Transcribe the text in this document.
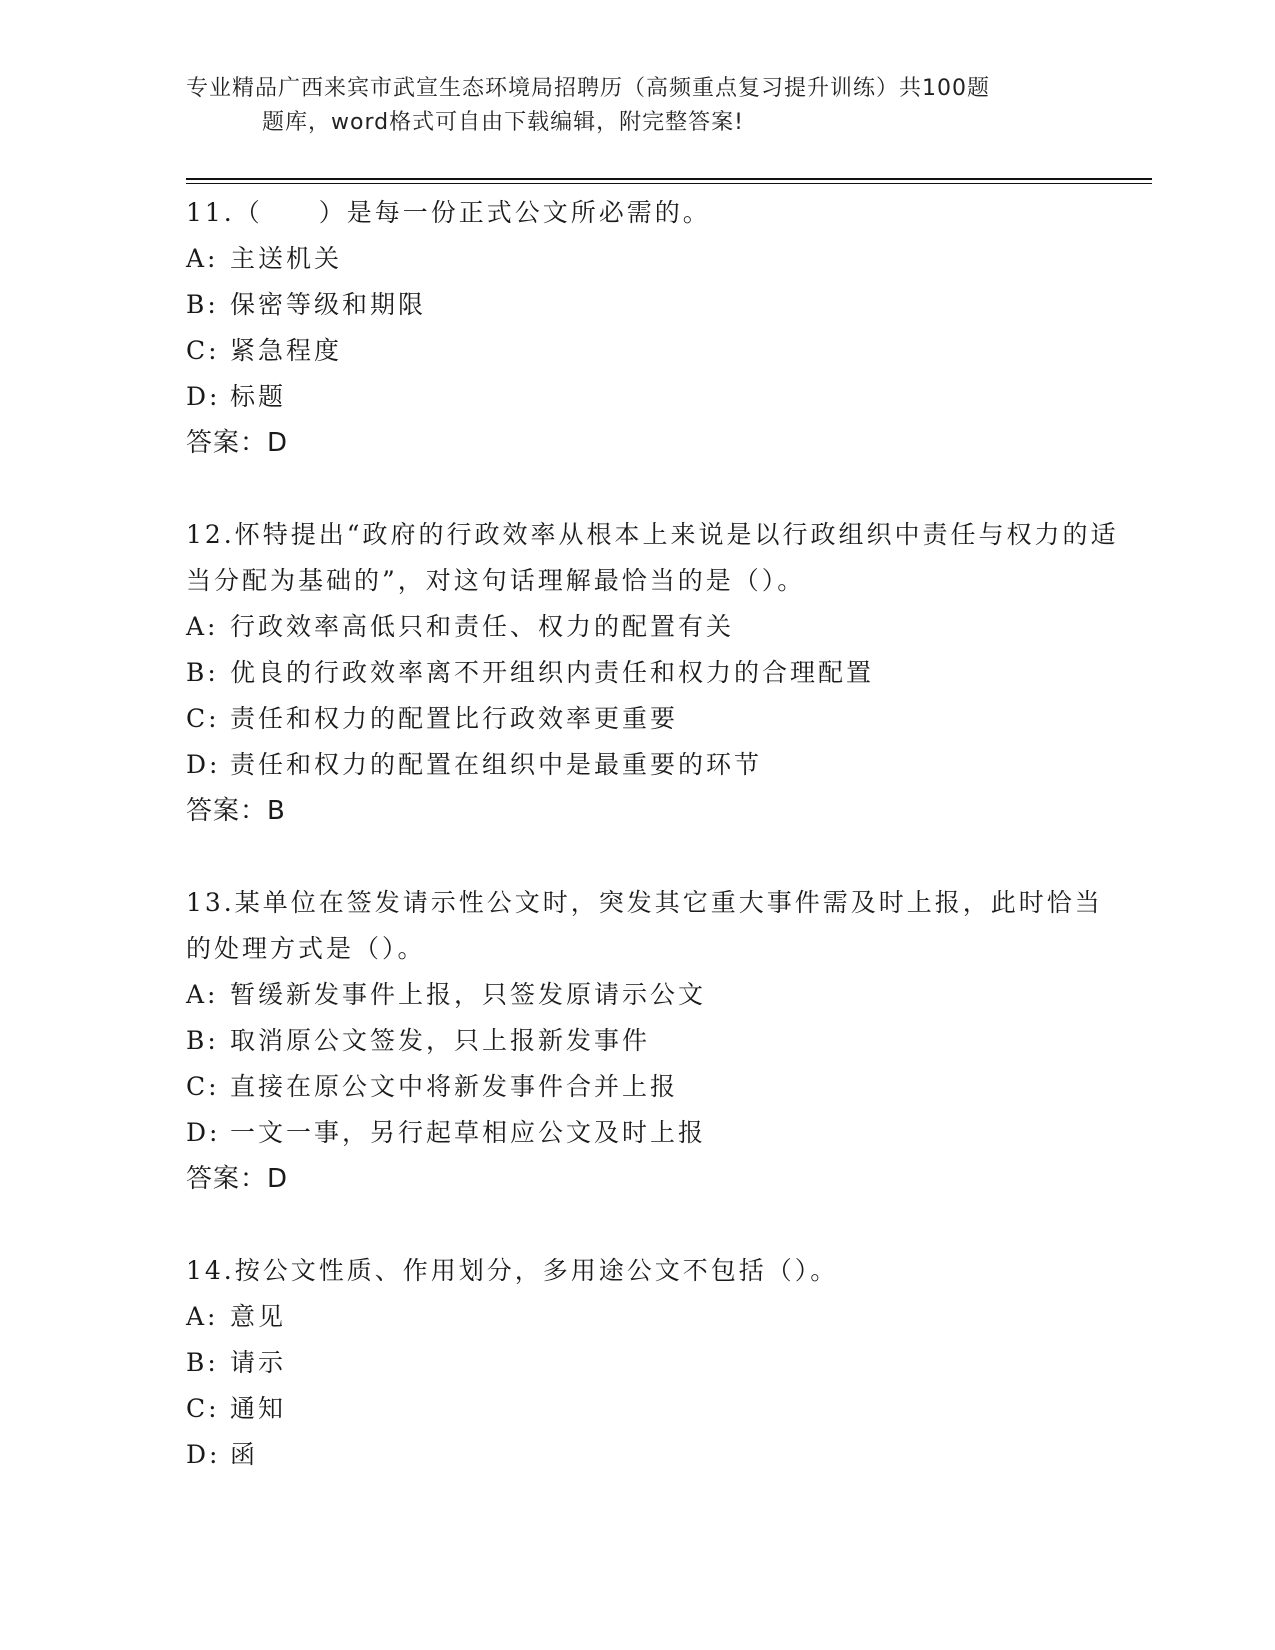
专业精品广西来宾市武宣生态环境局招聘历（高频重点复习提升训练）共100题
题库，word格式可自由下载编辑，附完整答案!

11.（　　）是每一份正式公文所必需的。

A: 主送机关

B: 保密等级和期限

C: 紧急程度

D: 标题

答案：D

12.怀特提出“政府的行政效率从根本上来说是以行政组织中责任与权力的适当分配为基础的”，对这句话理解最恰当的是（）。

A: 行政效率高低只和责任、权力的配置有关

B: 优良的行政效率离不开组织内责任和权力的合理配置

C: 责任和权力的配置比行政效率更重要

D: 责任和权力的配置在组织中是最重要的环节

答案：B

13.某单位在签发请示性公文时，突发其它重大事件需及时上报，此时恰当的处理方式是（）。

A: 暂缓新发事件上报，只签发原请示公文

B: 取消原公文签发，只上报新发事件

C: 直接在原公文中将新发事件合并上报

D: 一文一事，另行起草相应公文及时上报

答案：D

14.按公文性质、作用划分，多用途公文不包括（）。

A: 意见

B: 请示

C: 通知

D: 函
